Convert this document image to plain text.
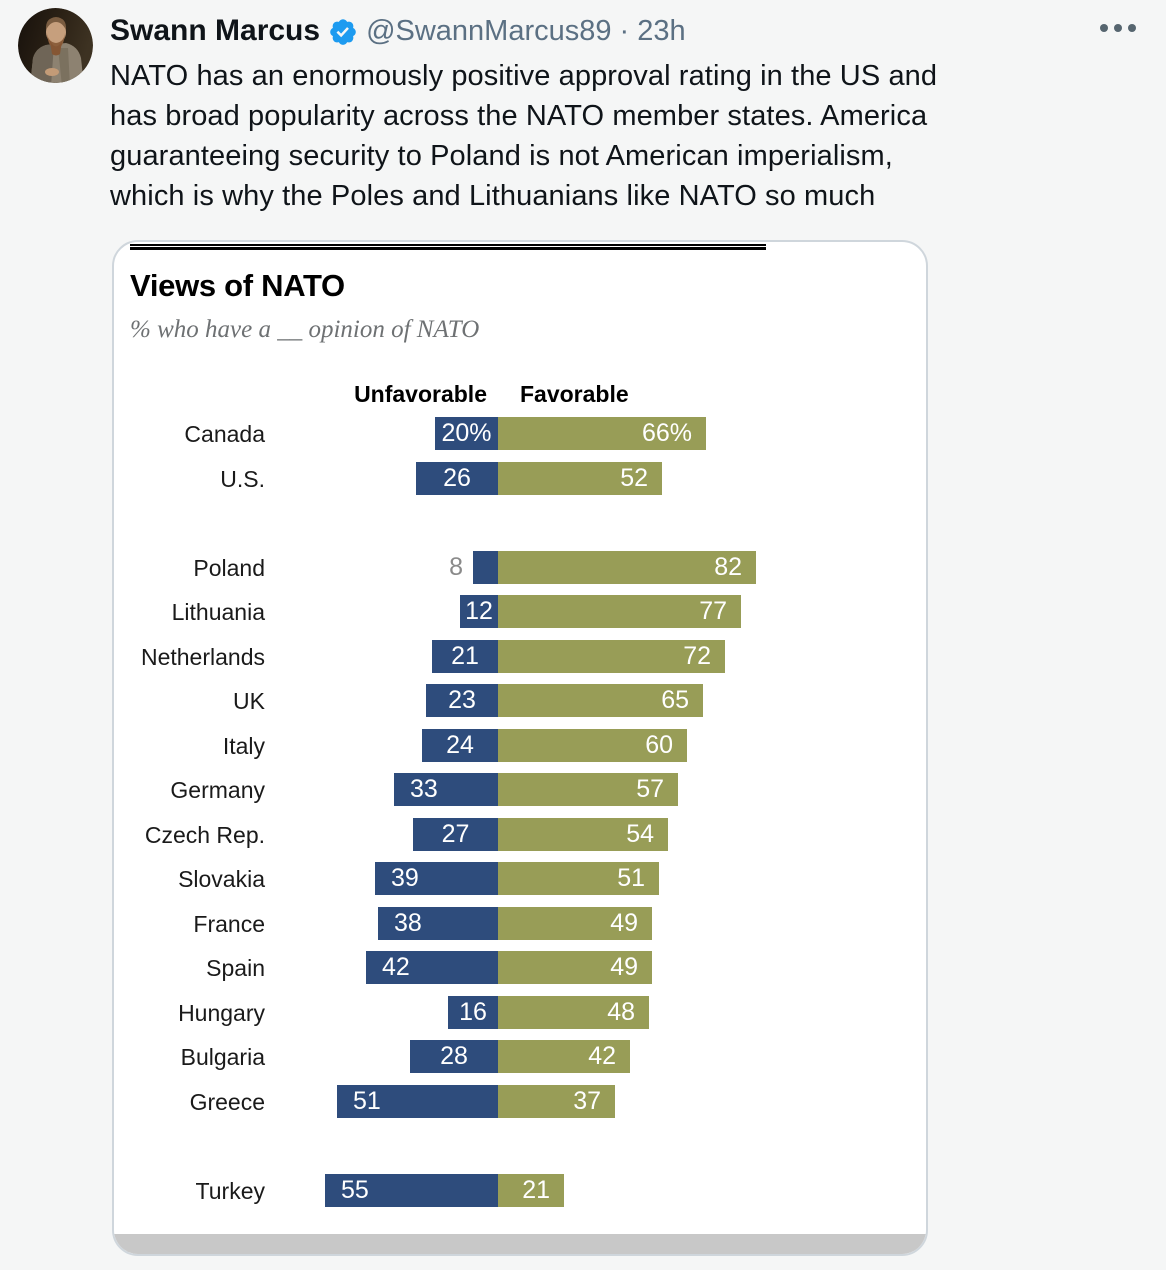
Swann Marcus @SwannMarcus89 · 23h
NATO has an enormously positive approval rating in the US and
has broad popularity across the NATO member states. America
guaranteeing security to Poland is not American imperialism,
which is why the Poles and Lithuanians like NATO so much
Views of NATO
% who have a __ opinion of NATO
Unfavorable Favorable
Canada	20%	66%
U.S.	26	52
Poland	8	82
Lithuania	12	77
Netherlands	21	72
UK	23	65
Italy	24	60
Germany	33	57
Czech Rep.	27	54
Slovakia	39	51
France	38	49
Spain	42	49
Hungary	16	48
Bulgaria	28	42
Greece	51	37
Turkey	55	21
